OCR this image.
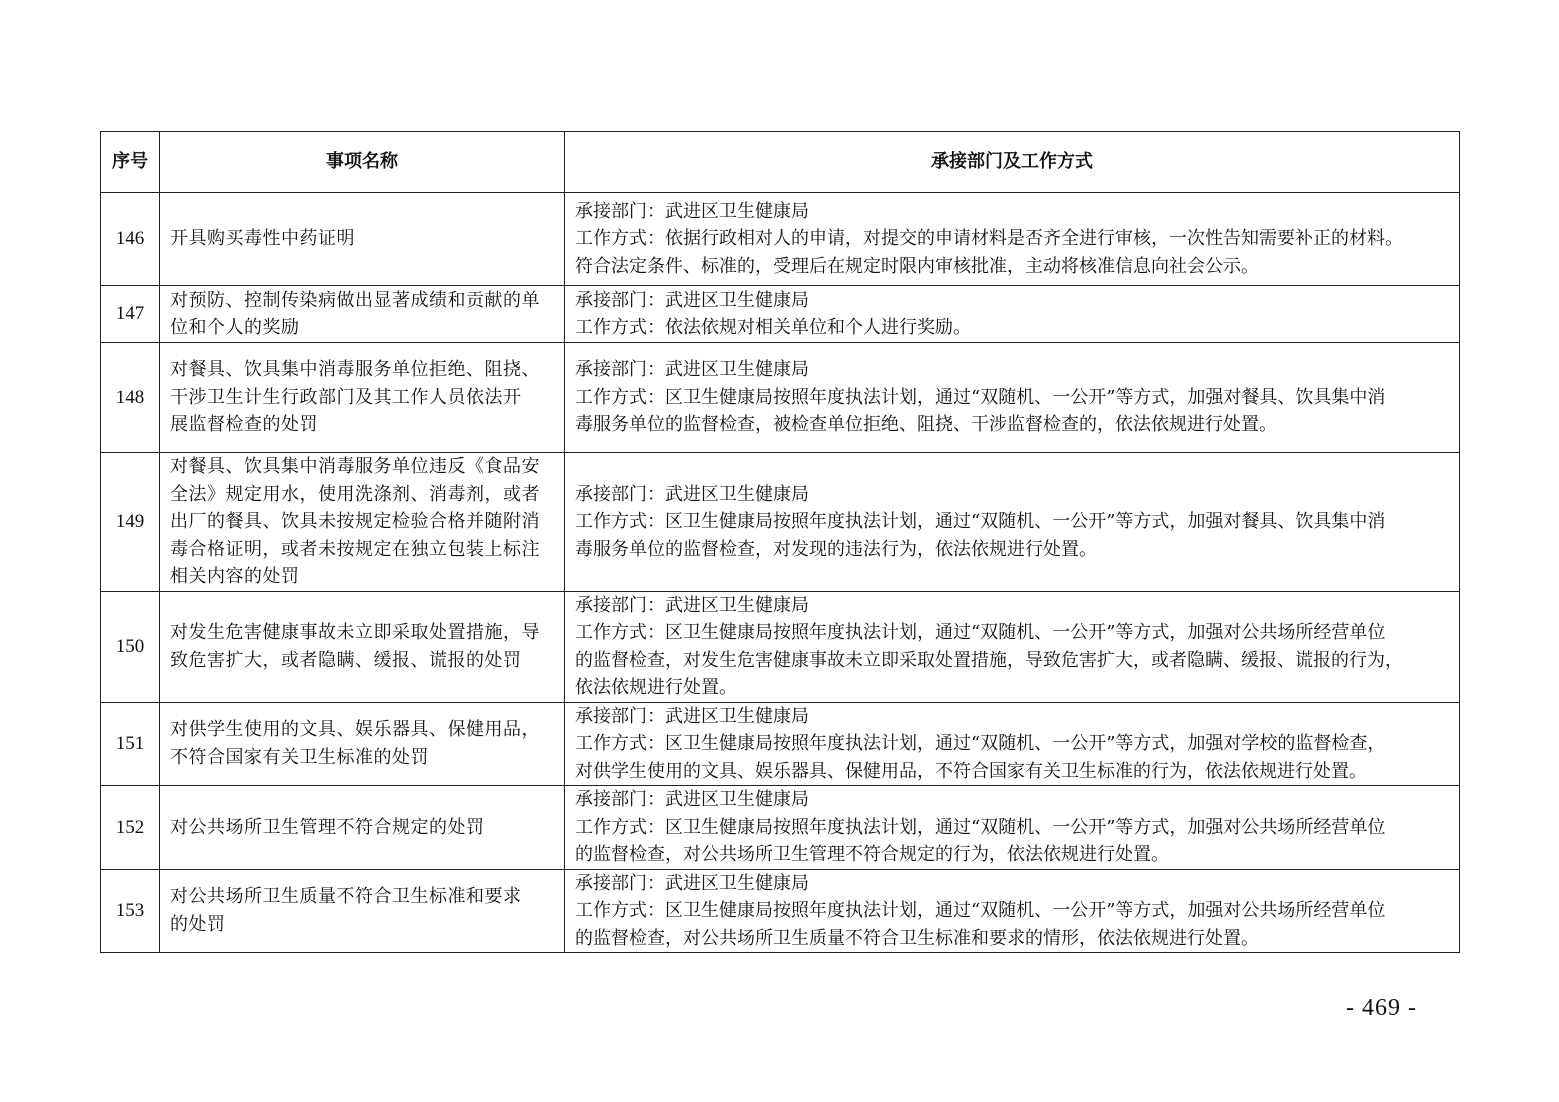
序号	事项名称	承接部门及工作方式
146	开具购买毒性中药证明	承接部门：武进区卫生健康局
工作方式：依据行政相对人的申请，对提交的申请材料是否齐全进行审核，一次性告知需要补正的材料。
符合法定条件、标准的，受理后在规定时限内审核批准，主动将核准信息向社会公示。

147	对预防、控制传染病做出显著成绩和贡献的单
位和个人的奖励	承接部门：武进区卫生健康局
工作方式：依法依规对相关单位和个人进行奖励。

148	对餐具、饮具集中消毒服务单位拒绝、阻挠、
干涉卫生计生行政部门及其工作人员依法开
展监督检查的处罚	承接部门：武进区卫生健康局
工作方式：区卫生健康局按照年度执法计划，通过“双随机、一公开”等方式，加强对餐具、饮具集中消
毒服务单位的监督检查，被检查单位拒绝、阻挠、干涉监督检查的，依法依规进行处置。

149	对餐具、饮具集中消毒服务单位违反《食品安
全法》规定用水，使用洗涤剂、消毒剂，或者
出厂的餐具、饮具未按规定检验合格并随附消
毒合格证明，或者未按规定在独立包装上标注
相关内容的处罚	承接部门：武进区卫生健康局
工作方式：区卫生健康局按照年度执法计划，通过“双随机、一公开”等方式，加强对餐具、饮具集中消
毒服务单位的监督检查，对发现的违法行为，依法依规进行处置。

150	对发生危害健康事故未立即采取处置措施，导
致危害扩大，或者隐瞒、缓报、谎报的处罚	承接部门：武进区卫生健康局
工作方式：区卫生健康局按照年度执法计划，通过“双随机、一公开”等方式，加强对公共场所经营单位
的监督检查，对发生危害健康事故未立即采取处置措施，导致危害扩大，或者隐瞒、缓报、谎报的行为，
依法依规进行处置。

151	对供学生使用的文具、娱乐器具、保健用品，
不符合国家有关卫生标准的处罚	承接部门：武进区卫生健康局
工作方式：区卫生健康局按照年度执法计划，通过“双随机、一公开”等方式，加强对学校的监督检查，
对供学生使用的文具、娱乐器具、保健用品，不符合国家有关卫生标准的行为，依法依规进行处置。

152	对公共场所卫生管理不符合规定的处罚	承接部门：武进区卫生健康局
工作方式：区卫生健康局按照年度执法计划，通过“双随机、一公开”等方式，加强对公共场所经营单位
的监督检查，对公共场所卫生管理不符合规定的行为，依法依规进行处置。

153	对公共场所卫生质量不符合卫生标准和要求
的处罚	承接部门：武进区卫生健康局
工作方式：区卫生健康局按照年度执法计划，通过“双随机、一公开”等方式，加强对公共场所经营单位
的监督检查，对公共场所卫生质量不符合卫生标准和要求的情形，依法依规进行处置。
- 469 -
